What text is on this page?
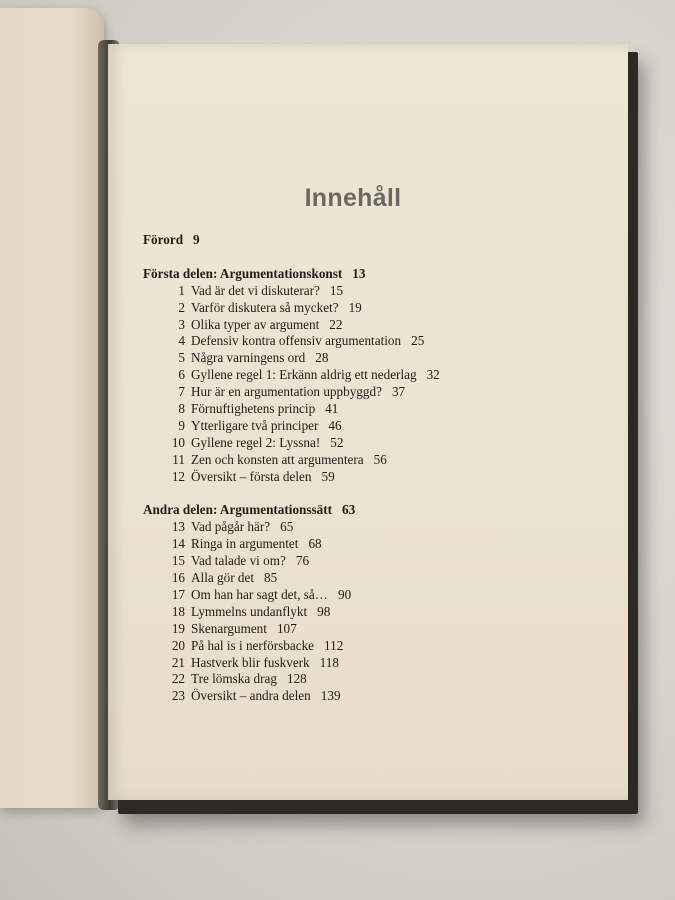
Innehåll
Förord 9
Första delen: Argumentationskonst 13
1 Vad är det vi diskuterar? 15
2 Varför diskutera så mycket? 19
3 Olika typer av argument 22
4 Defensiv kontra offensiv argumentation 25
5 Några varningens ord 28
6 Gyllene regel 1: Erkänn aldrig ett nederlag 32
7 Hur är en argumentation uppbyggd? 37
8 Förnuftighetens princip 41
9 Ytterligare två principer 46
10 Gyllene regel 2: Lyssna! 52
11 Zen och konsten att argumentera 56
12 Översikt – första delen 59
Andra delen: Argumentationssätt 63
13 Vad pågår här? 65
14 Ringa in argumentet 68
15 Vad talade vi om? 76
16 Alla gör det 85
17 Om han har sagt det, så… 90
18 Lymmelns undanflykt 98
19 Skenargument 107
20 På hal is i nerförsbacke 112
21 Hastverk blir fuskverk 118
22 Tre lömska drag 128
23 Översikt – andra delen 139
